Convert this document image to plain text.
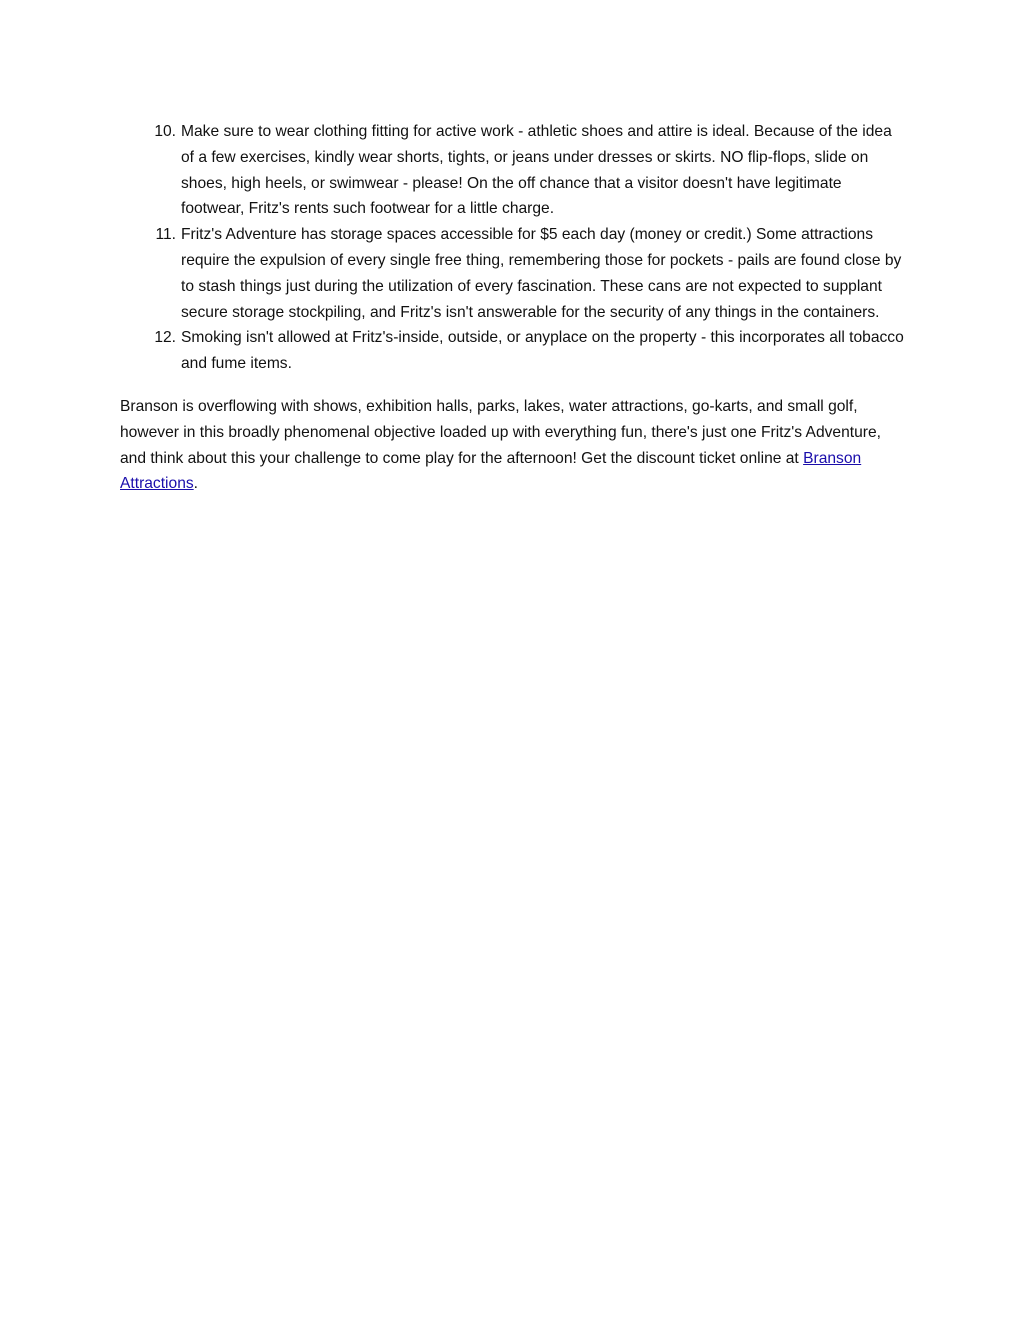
10. Make sure to wear clothing fitting for active work - athletic shoes and attire is ideal. Because of the idea of a few exercises, kindly wear shorts, tights, or jeans under dresses or skirts. NO flip-flops, slide on shoes, high heels, or swimwear - please! On the off chance that a visitor doesn't have legitimate footwear, Fritz's rents such footwear for a little charge.
11. Fritz's Adventure has storage spaces accessible for $5 each day (money or credit.) Some attractions require the expulsion of every single free thing, remembering those for pockets - pails are found close by to stash things just during the utilization of every fascination. These cans are not expected to supplant secure storage stockpiling, and Fritz's isn't answerable for the security of any things in the containers.
12. Smoking isn't allowed at Fritz's-inside, outside, or anyplace on the property - this incorporates all tobacco and fume items.

Branson is overflowing with shows, exhibition halls, parks, lakes, water attractions, go-karts, and small golf, however in this broadly phenomenal objective loaded up with everything fun, there's just one Fritz's Adventure, and think about this your challenge to come play for the afternoon! Get the discount ticket online at Branson Attractions.
